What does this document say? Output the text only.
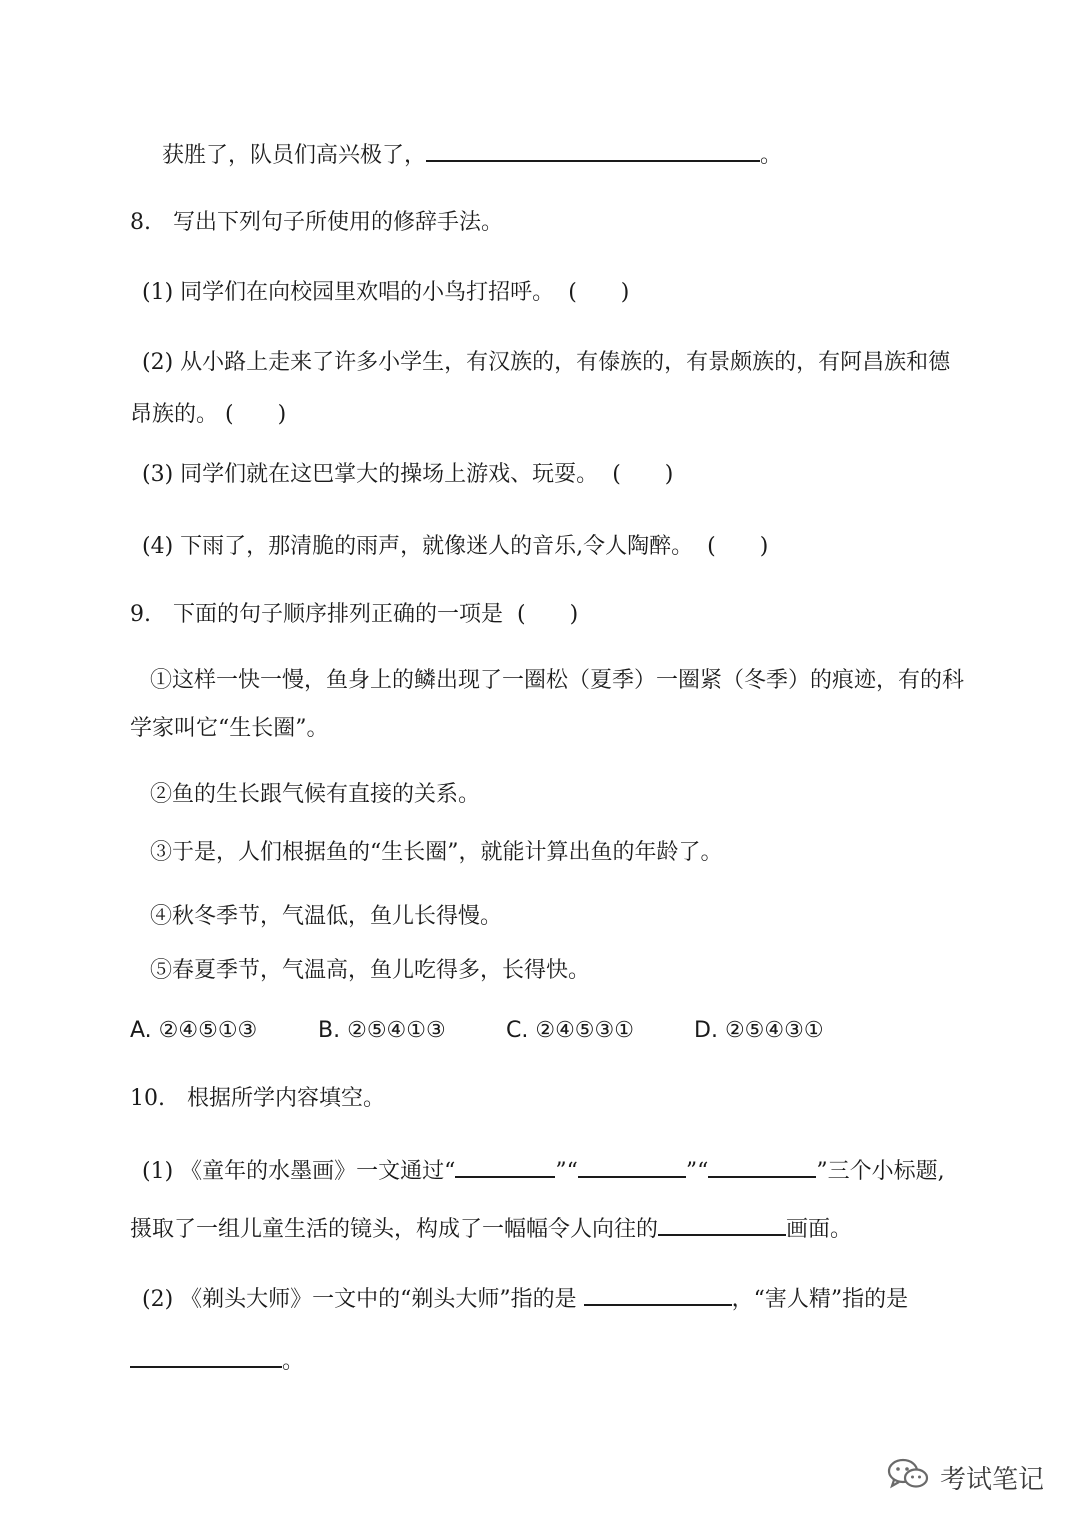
获胜了，队员们高兴极了，	。
8.　写出下列句子所使用的修辞手法。
(1) 同学们在向校园里欢唱的小鸟打招呼。 (　　)
(2) 从小路上走来了许多小学生，有汉族的，有傣族的，有景颇族的，有阿昌族和德
昂族的。 (　　)
(3) 同学们就在这巴掌大的操场上游戏、玩耍。 (　　)
(4) 下雨了，那清脆的雨声，就像迷人的音乐,令人陶醉。 (　　)
9.　下面的句子顺序排列正确的一项是 (　　)
①这样一快一慢，鱼身上的鳞出现了一圈松（夏季）一圈紧（冬季）的痕迹，有的科
学家叫它“生长圈”。
②鱼的生长跟气候有直接的关系。
③于是，人们根据鱼的“生长圈”，就能计算出鱼的年龄了。
④秋冬季节，气温低，鱼儿长得慢。
⑤春夏季节，气温高，鱼儿吃得多，长得快。
A. ②④⑤①③	B. ②⑤④①③	C. ②④⑤③①	D. ②⑤④③①
10.　根据所学内容填空。
(1) 《童年的水墨画》一文通过“	”“	”“	”三个小标题,
摄取了一组儿童生活的镜头，构成了一幅幅令人向往的	画面。
(2) 《剃头大师》一文中的“剃头大师”指的是	，“害人精”指的是
。
考试笔记
